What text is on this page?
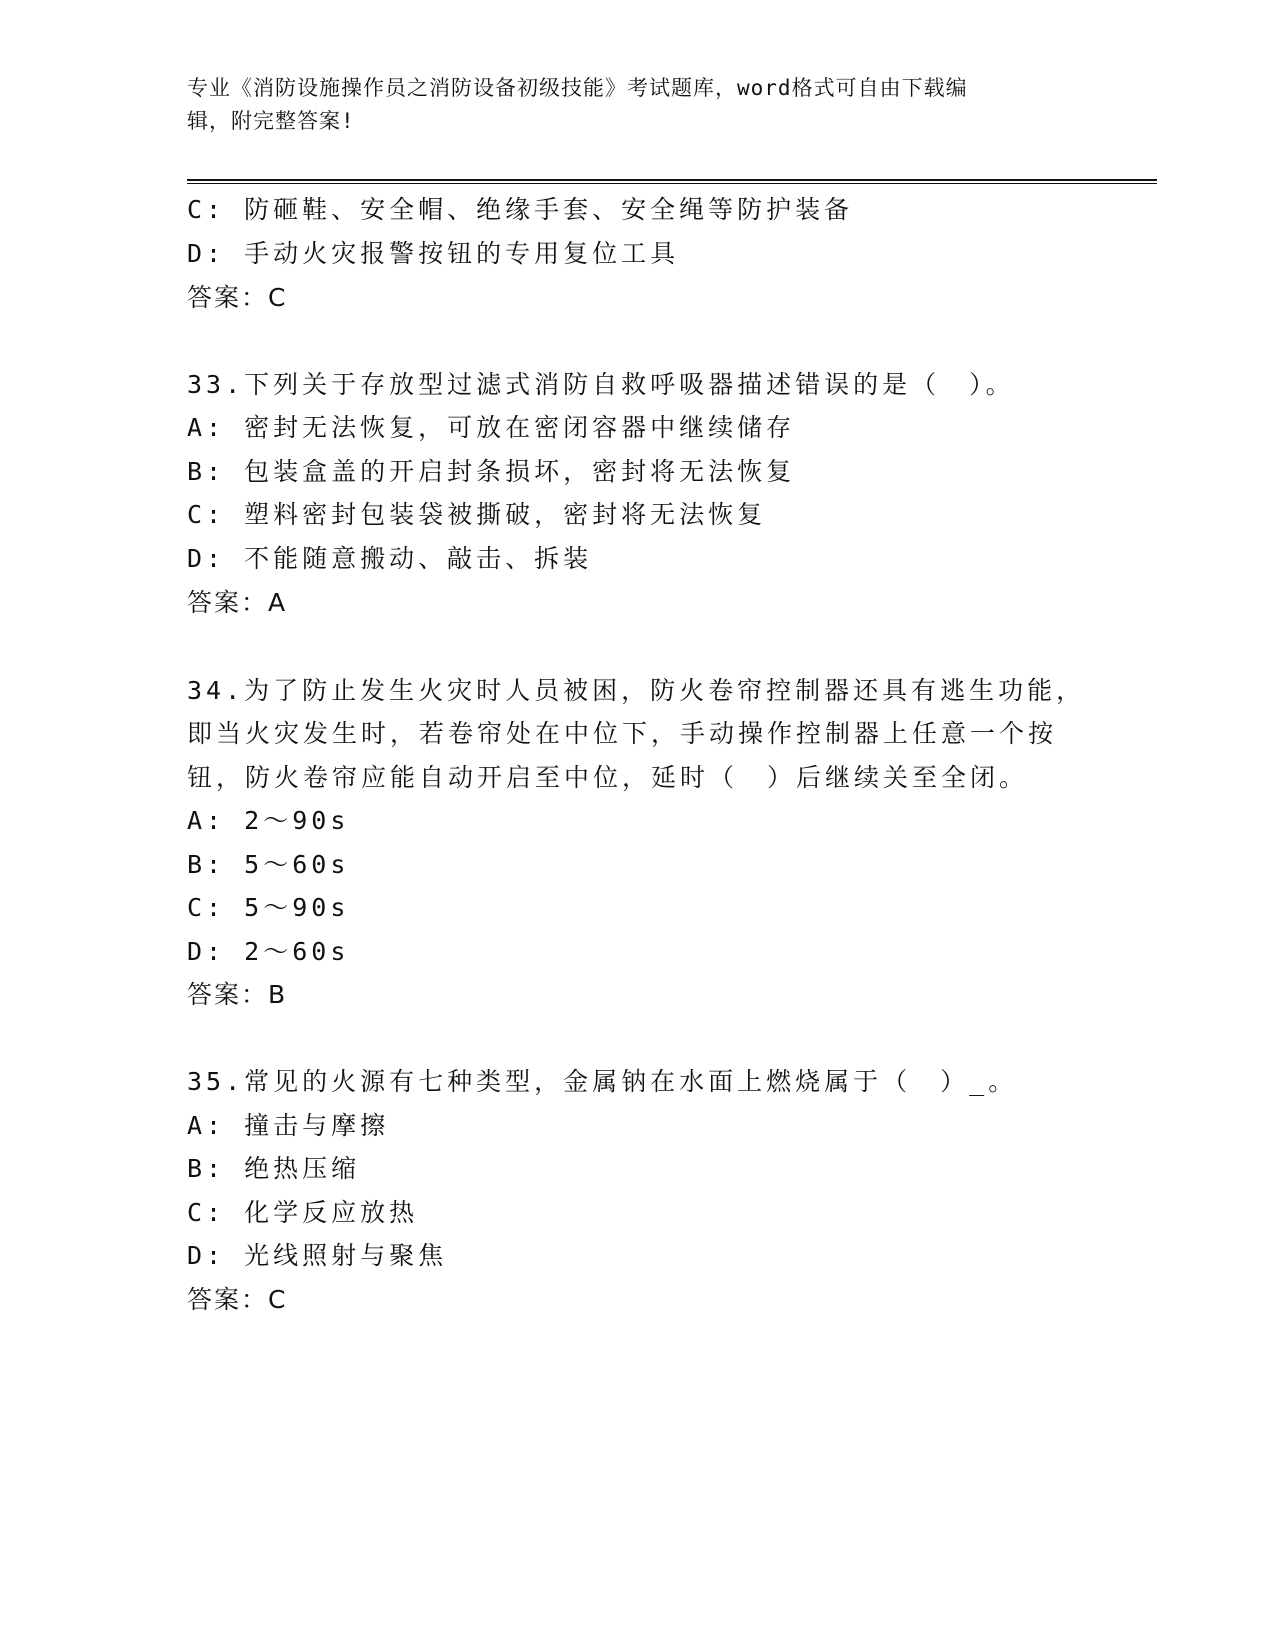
专业《消防设施操作员之消防设备初级技能》考试题库，word格式可自由下载编
辑，附完整答案!
C: 防砸鞋、安全帽、绝缘手套、安全绳等防护装备
D: 手动火灾报警按钮的专用复位工具
答案：C
33.下列关于存放型过滤式消防自救呼吸器描述错误的是（　）。
A: 密封无法恢复，可放在密闭容器中继续储存
B: 包装盒盖的开启封条损坏，密封将无法恢复
C: 塑料密封包装袋被撕破，密封将无法恢复
D: 不能随意搬动、敲击、拆装
答案：A
34.为了防止发生火灾时人员被困，防火卷帘控制器还具有逃生功能，
即当火灾发生时，若卷帘处在中位下，手动操作控制器上任意一个按
钮，防火卷帘应能自动开启至中位，延时（　）后继续关至全闭。
A: 2～90s
B: 5～60s
C: 5～90s
D: 2～60s
答案：B
35.常见的火源有七种类型，金属钠在水面上燃烧属于（　）_。
A: 撞击与摩擦
B: 绝热压缩
C: 化学反应放热
D: 光线照射与聚焦
答案：C
